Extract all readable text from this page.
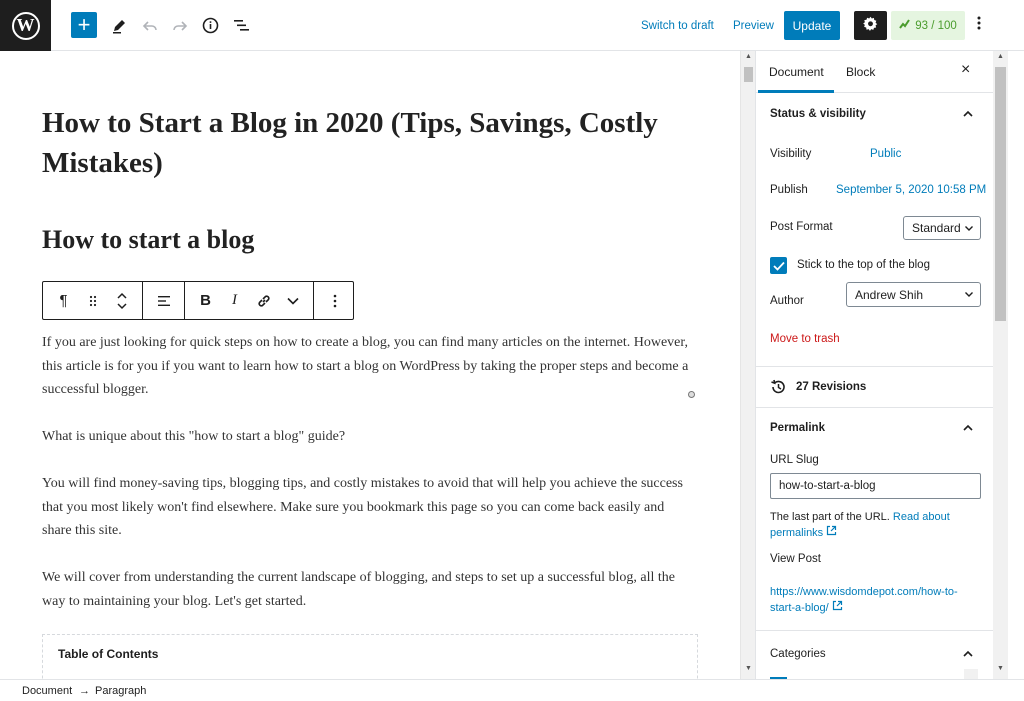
W +	Switch to draft Preview	Update	93 / 100
How to Start a Blog in 2020 (Tips, Savings, Costly Mistakes)
How to start a blog
¶	B	I
If you are just looking for quick steps on how to create a blog, you can find many articles on the internet. However, this article is for you if you want to learn how to start a blog on WordPress by taking the proper steps and become a successful blogger.
What is unique about this "how to start a blog" guide?
You will find money-saving tips, blogging tips, and costly mistakes to avoid that will help you achieve the success that you most likely won't find elsewhere. Make sure you bookmark this page so you can come back easily and share this site.
We will cover from understanding the current landscape of blogging, and steps to set up a successful blog, all the way to maintaining your blog. Let's get started.
Table of Contents
▲
▼
Document Block	×
Status & visibility
Visibility	Public
Publish September 5, 2020 10:58 PM
Post Format	Standard
Stick to the top of the blog
Author	Andrew Shih
Move to trash
27 Revisions
Permalink
URL Slug
how-to-start-a-blog
The last part of the URL. Read about
permalinks
View Post
https://www.wisdomdepot.com/how-to-
start-a-blog/
Categories
▲
▼
Document → Paragraph
